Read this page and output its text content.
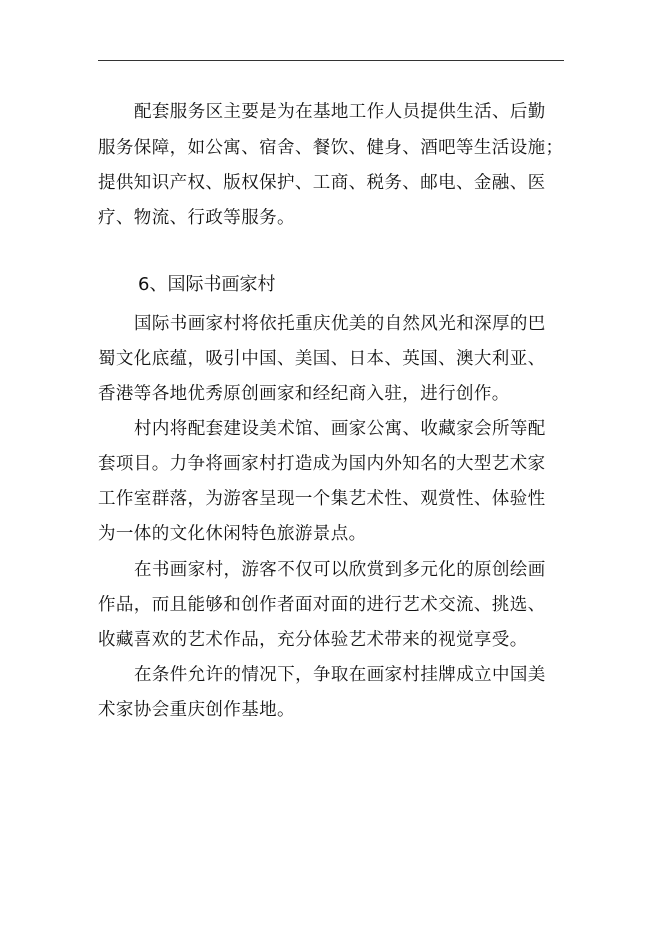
配套服务区主要是为在基地工作人员提供生活、后勤
服务保障，如公寓、宿舍、餐饮、健身、酒吧等生活设施；
提供知识产权、版权保护、工商、税务、邮电、金融、医
疗、物流、行政等服务。
6、国际书画家村
国际书画家村将依托重庆优美的自然风光和深厚的巴
蜀文化底蕴，吸引中国、美国、日本、英国、澳大利亚、
香港等各地优秀原创画家和经纪商入驻，进行创作。
村内将配套建设美术馆、画家公寓、收藏家会所等配
套项目。力争将画家村打造成为国内外知名的大型艺术家
工作室群落，为游客呈现一个集艺术性、观赏性、体验性
为一体的文化休闲特色旅游景点。
在书画家村，游客不仅可以欣赏到多元化的原创绘画
作品，而且能够和创作者面对面的进行艺术交流、挑选、
收藏喜欢的艺术作品，充分体验艺术带来的视觉享受。
在条件允许的情况下，争取在画家村挂牌成立中国美
术家协会重庆创作基地。
